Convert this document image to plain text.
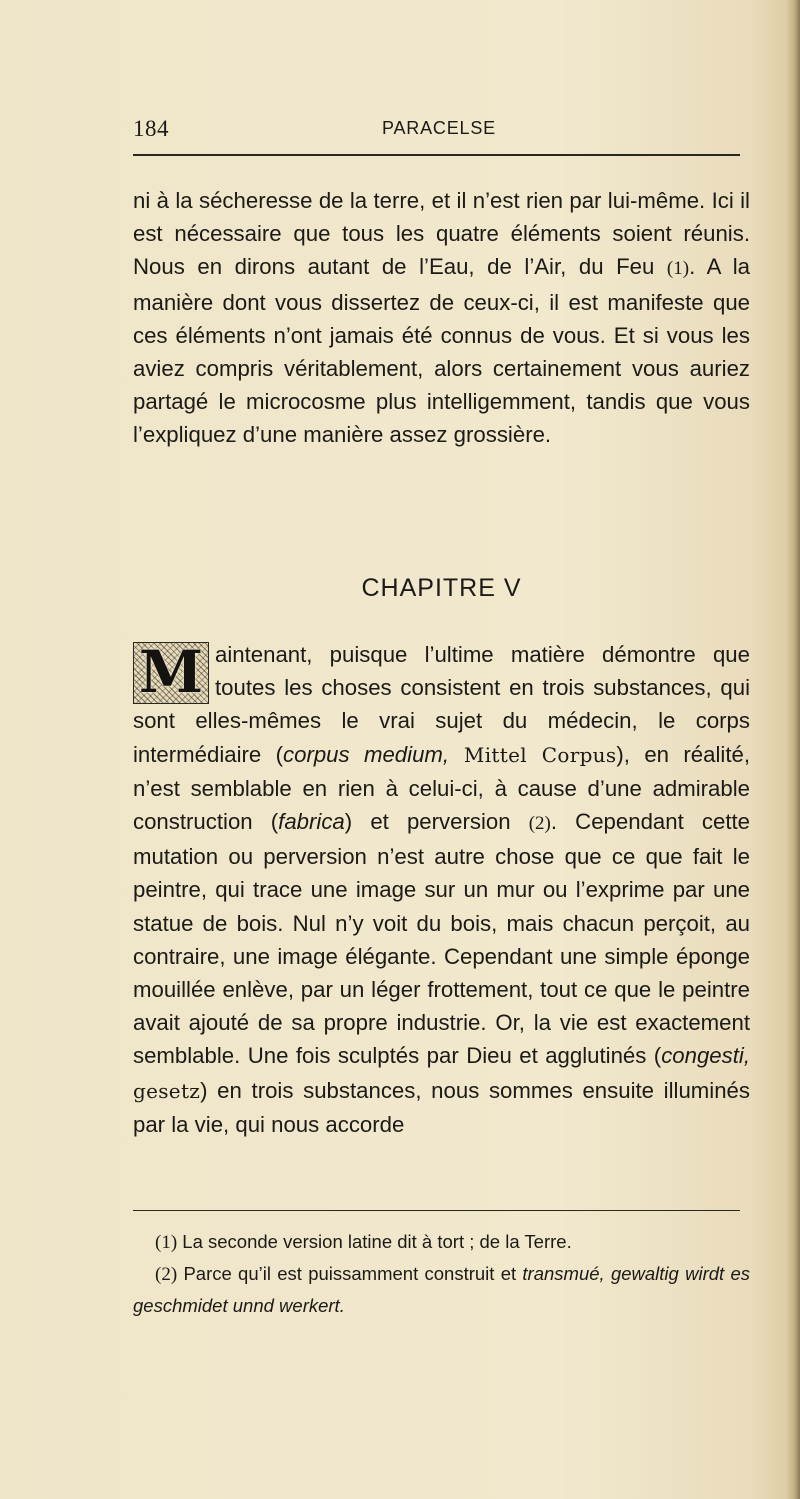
184	PARACELSE

ni à la sécheresse de la terre, et il n’est rien par lui-même. Ici il est nécessaire que tous les quatre éléments soient réunis. Nous en dirons autant de l’Eau, de l’Air, du Feu (1). A la manière dont vous dissertez de ceux-ci, il est manifeste que ces éléments n’ont jamais été connus de vous. Et si vous les aviez compris véritablement, alors certainement vous auriez partagé le microcosme plus intelligemment, tandis que vous l’expliquez d’une manière assez grossière.

CHAPITRE V

M aintenant, puisque l’ultime matière démontre que toutes les choses consistent en trois substances, qui sont elles-mêmes le vrai sujet du médecin, le corps intermédiaire (corpus medium, Mittel Corpus), en réalité, n’est semblable en rien à celui-ci, à cause d’une admirable construction (fabrica) et perversion (2). Cependant cette mutation ou perversion n’est autre chose que ce que fait le peintre, qui trace une image sur un mur ou l’exprime par une statue de bois. Nul n’y voit du bois, mais chacun perçoit, au contraire, une image élégante. Cependant une simple éponge mouillée enlève, par un léger frottement, tout ce que le peintre avait ajouté de sa propre industrie. Or, la vie est exactement semblable. Une fois sculptés par Dieu et agglutinés (congesti, gesetz) en trois substances, nous sommes ensuite illuminés par la vie, qui nous accorde

(1) La seconde version latine dit à tort ; de la Terre.

(2) Parce qu’il est puissamment construit et transmué, gewaltig wirdt es geschmidet unnd werkert.
